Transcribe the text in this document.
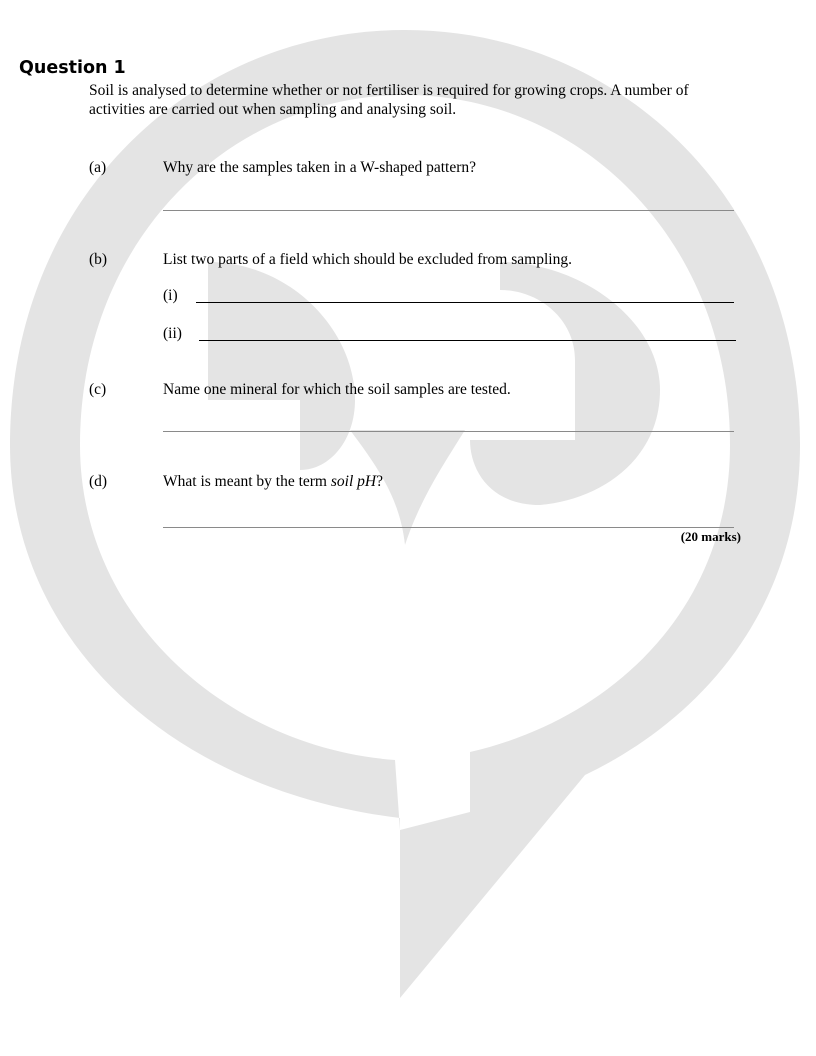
Question 1
Soil is analysed to determine whether or not fertiliser is required for growing crops. A number of activities are carried out when sampling and analysing soil.
(a)	Why are the samples taken in a W-shaped pattern?
(b)	List two parts of a field which should be excluded from sampling.
(i)
(ii)
(c)	Name one mineral for which the soil samples are tested.
(d)	What is meant by the term soil pH?
(20 marks)
